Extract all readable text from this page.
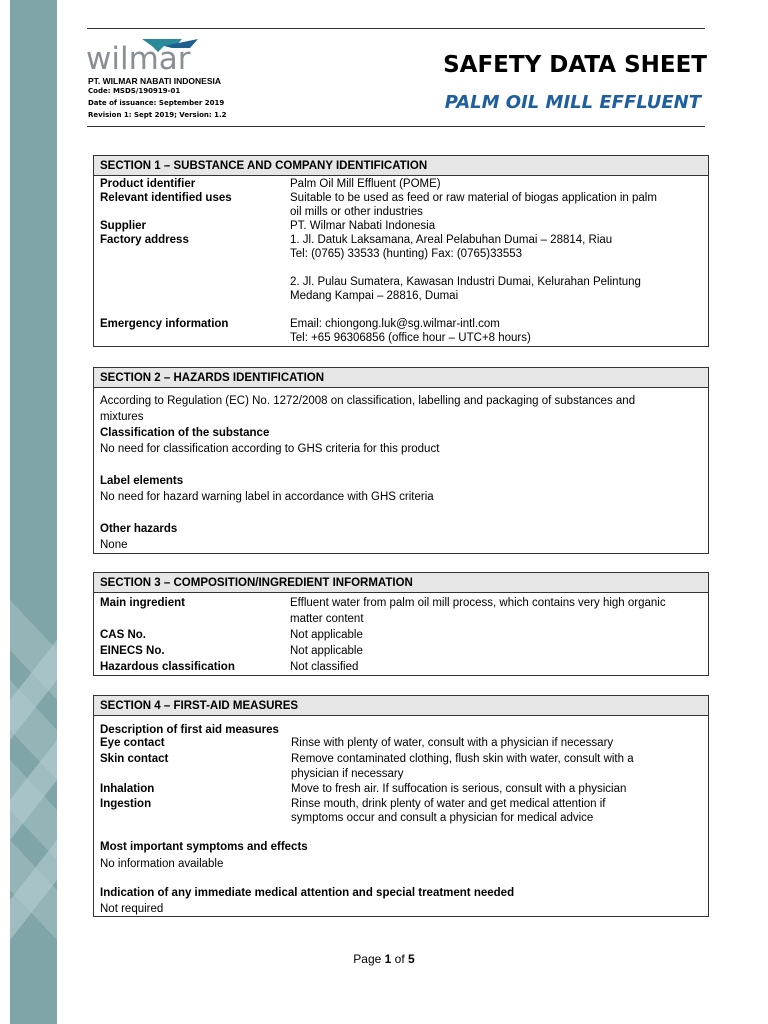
wilmar
PT. WILMAR NABATI INDONESIA
Code: MSDS/190919-01
Date of issuance: September 2019
Revision 1: Sept 2019; Version: 1.2
SAFETY DATA SHEET
PALM OIL MILL EFFLUENT
SECTION 1 – SUBSTANCE AND COMPANY IDENTIFICATION
Product identifier	Palm Oil Mill Effluent (POME)
Relevant identified uses	Suitable to be used as feed or raw material of biogas application in palm
oil mills or other industries
Supplier	PT. Wilmar Nabati Indonesia
Factory address	1. Jl. Datuk Laksamana, Areal Pelabuhan Dumai – 28814, Riau
Tel: (0765) 33533 (hunting) Fax: (0765)33553
2. Jl. Pulau Sumatera, Kawasan Industri Dumai, Kelurahan Pelintung
Medang Kampai – 28816, Dumai
Emergency information	Email: chiongong.luk@sg.wilmar-intl.com
Tel: +65 96306856 (office hour – UTC+8 hours)
SECTION 2 – HAZARDS IDENTIFICATION
According to Regulation (EC) No. 1272/2008 on classification, labelling and packaging of substances and
mixtures
Classification of the substance
No need for classification according to GHS criteria for this product
Label elements
No need for hazard warning label in accordance with GHS criteria
Other hazards
None
SECTION 3 – COMPOSITION/INGREDIENT INFORMATION
Main ingredient	Effluent water from palm oil mill process, which contains very high organic
matter content
CAS No.	Not applicable
EINECS No.	Not applicable
Hazardous classification	Not classified
SECTION 4 – FIRST-AID MEASURES
Description of first aid measures
Eye contact	Rinse with plenty of water, consult with a physician if necessary
Skin contact	Remove contaminated clothing, flush skin with water, consult with a
physician if necessary
Inhalation	Move to fresh air. If suffocation is serious, consult with a physician
Ingestion	Rinse mouth, drink plenty of water and get medical attention if
symptoms occur and consult a physician for medical advice
Most important symptoms and effects
No information available
Indication of any immediate medical attention and special treatment needed
Not required
Page 1 of 5
